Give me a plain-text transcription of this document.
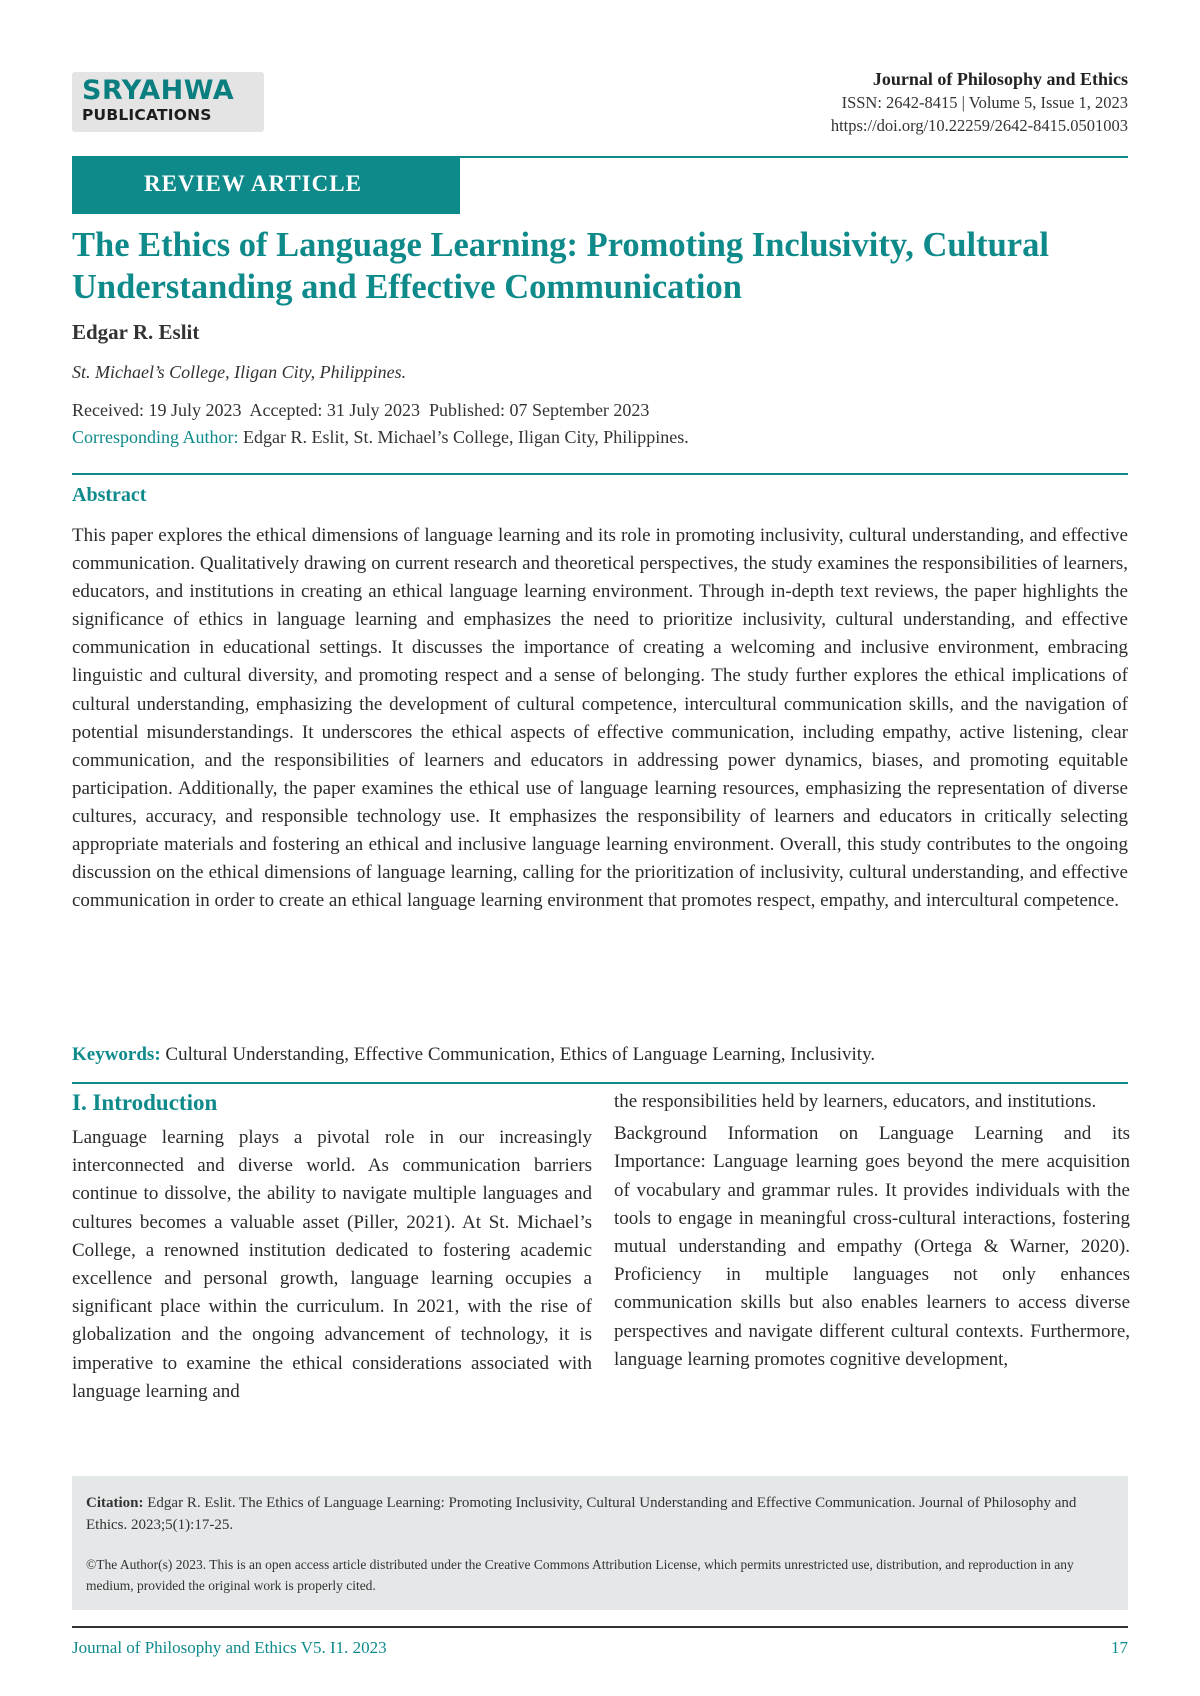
SRYAHWA
PUBLICATIONS
Journal of Philosophy and Ethics
ISSN: 2642-8415 | Volume 5, Issue 1, 2023
https://doi.org/10.22259/2642-8415.0501003
REVIEW ARTICLE
The Ethics of Language Learning: Promoting Inclusivity, Cultural Understanding and Effective Communication
Edgar R. Eslit
St. Michael’s College, Iligan City, Philippines.
Received: 19 July 2023  Accepted: 31 July 2023  Published: 07 September 2023
Corresponding Author: Edgar R. Eslit, St. Michael’s College, Iligan City, Philippines.
Abstract

This paper explores the ethical dimensions of language learning and its role in promoting inclusivity, cultural understanding, and effective communication. Qualitatively drawing on current research and theoretical perspectives, the study examines the responsibilities of learners, educators, and institutions in creating an ethical language learning environment. Through in-depth text reviews, the paper highlights the significance of ethics in language learning and emphasizes the need to prioritize inclusivity, cultural understanding, and effective communication in educational settings. It discusses the importance of creating a welcoming and inclusive environment, embracing linguistic and cultural diversity, and promoting respect and a sense of belonging. The study further explores the ethical implications of cultural understanding, emphasizing the development of cultural competence, intercultural communication skills, and the navigation of potential misunderstandings. It underscores the ethical aspects of effective communication, including empathy, active listening, clear communication, and the responsibilities of learners and educators in addressing power dynamics, biases, and promoting equitable participation. Additionally, the paper examines the ethical use of language learning resources, emphasizing the representation of diverse cultures, accuracy, and responsible technology use. It emphasizes the responsibility of learners and educators in critically selecting appropriate materials and fostering an ethical and inclusive language learning environment. Overall, this study contributes to the ongoing discussion on the ethical dimensions of language learning, calling for the prioritization of inclusivity, cultural understanding, and effective communication in order to create an ethical language learning environment that promotes respect, empathy, and intercultural competence.

Keywords: Cultural Understanding, Effective Communication, Ethics of Language Learning, Inclusivity.
I. Introduction

Language learning plays a pivotal role in our increasingly interconnected and diverse world. As communication barriers continue to dissolve, the ability to navigate multiple languages and cultures becomes a valuable asset (Piller, 2021). At St. Michael’s College, a renowned institution dedicated to fostering academic excellence and personal growth, language learning occupies a significant place within the curriculum. In 2021, with the rise of globalization and the ongoing advancement of technology, it is imperative to examine the ethical considerations associated with language learning and

the responsibilities held by learners, educators, and institutions.

Background Information on Language Learning and its Importance: Language learning goes beyond the mere acquisition of vocabulary and grammar rules. It provides individuals with the tools to engage in meaningful cross-cultural interactions, fostering mutual understanding and empathy (Ortega & Warner, 2020). Proficiency in multiple languages not only enhances communication skills but also enables learners to access diverse perspectives and navigate different cultural contexts. Furthermore, language learning promotes cognitive development,

Citation: Edgar R. Eslit. The Ethics of Language Learning: Promoting Inclusivity, Cultural Understanding and Effective Communication. Journal of Philosophy and Ethics. 2023;5(1):17-25.
©The Author(s) 2023. This is an open access article distributed under the Creative Commons Attribution License, which permits unrestricted use, distribution, and reproduction in any medium, provided the original work is properly cited.
Journal of Philosophy and Ethics V5. I1. 2023	17
